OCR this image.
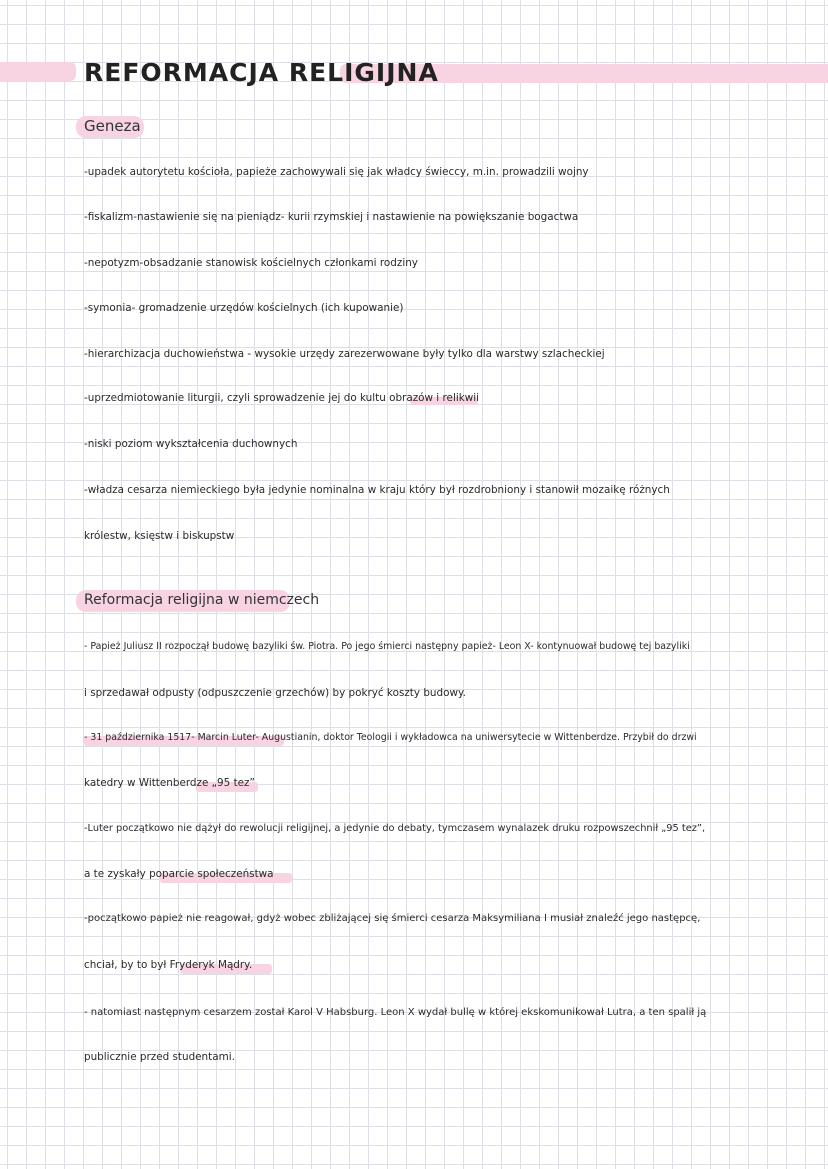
REFORMACJA RELIGIJNA
Geneza
-upadek autorytetu kościoła, papieże zachowywali się jak władcy świeccy, m.in. prowadzili wojny
-fiskalizm-nastawienie się na pieniądz- kurii rzymskiej i nastawienie na powiększanie bogactwa
-nepotyzm-obsadzanie stanowisk kościelnych członkami rodziny
-symonia- gromadzenie urzędów kościelnych (ich kupowanie)
-hierarchizacja duchowieństwa - wysokie urzędy zarezerwowane były tylko dla warstwy szlacheckiej
-uprzedmiotowanie liturgii, czyli sprowadzenie jej do kultu obrazów i relikwii
-niski poziom wykształcenia duchownych
-władza cesarza niemieckiego była jedynie nominalna w kraju który był rozdrobniony i stanowił mozaikę różnych
królestw, księstw i biskupstw
Reformacja religijna w niemczech
- Papież Juliusz II rozpoczął budowę bazyliki św. Piotra. Po jego śmierci następny papież- Leon X- kontynuował budowę tej bazyliki
i sprzedawał odpusty (odpuszczenie grzechów) by pokryć koszty budowy.
- 31 października 1517- Marcin Luter- Augustianin, doktor Teologii i wykładowca na uniwersytecie w Wittenberdze. Przybił do drzwi
katedry w Wittenberdze „95 tez”
-Luter początkowo nie dążył do rewolucji religijnej, a jedynie do debaty, tymczasem wynalazek druku rozpowszechnił „95 tez”,
a te zyskały poparcie społeczeństwa
-początkowo papież nie reagował, gdyż wobec zbliżającej się śmierci cesarza Maksymiliana I musiał znaleźć jego następcę,
chciał, by to był Fryderyk Mądry.
- natomiast następnym cesarzem został Karol V Habsburg. Leon X wydał bullę w której ekskomunikował Lutra, a ten spalił ją
publicznie przed studentami.
